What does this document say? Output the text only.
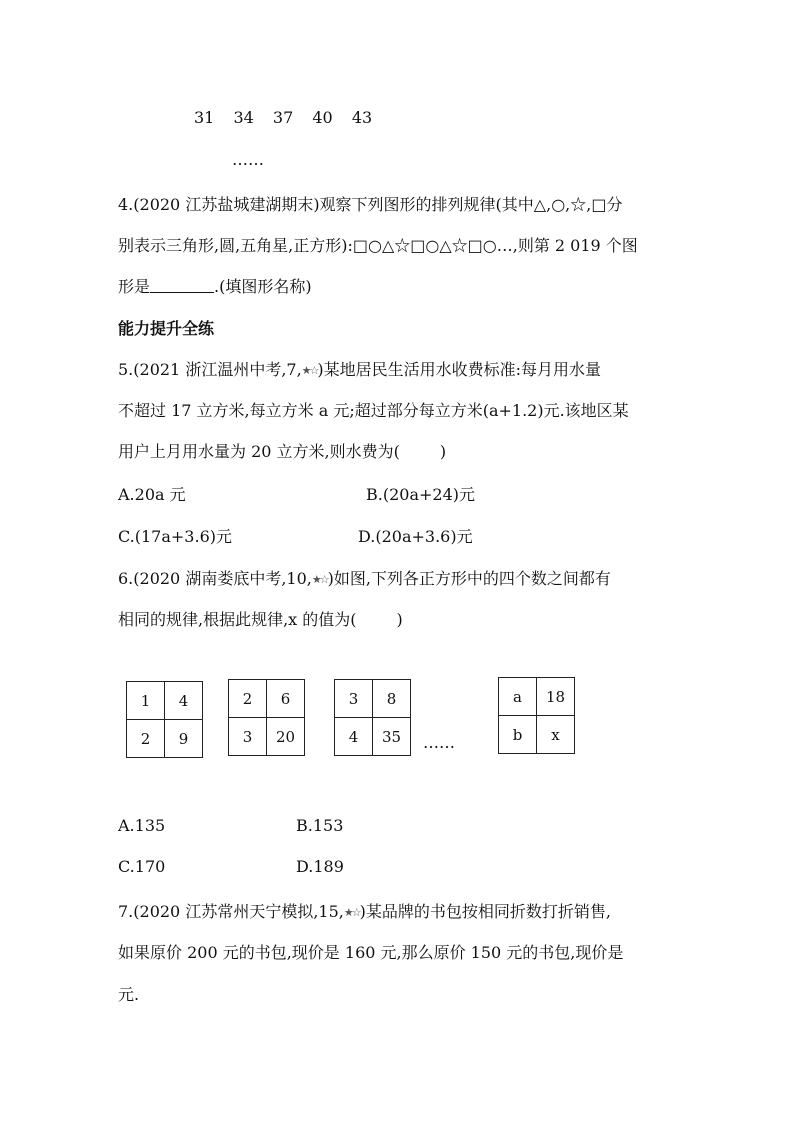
31 34 37 40 43
……
4.(2020 江苏盐城建湖期末)观察下列图形的排列规律(其中△,○,☆,□分
别表示三角形,圆,五角星,正方形):□○△☆□○△☆□○…,则第 2 019 个图
形是	.(填图形名称)
能力提升全练
5.(2021 浙江温州中考,7,★☆)某地居民生活用水收费标准:每月用水量
不超过 17 立方米,每立方米 a 元;超过部分每立方米(a+1.2)元.该地区某
用户上月用水量为 20 立方米,则水费为(	)
A.20a 元	B.(20a+24)元
C.(17a+3.6)元	D.(20a+3.6)元
6.(2020 湖南娄底中考,10,★☆)如图,下列各正方形中的四个数之间都有
相同的规律,根据此规律,x 的值为(	)
1	4
2	9
2	6
3	20
3	8
4	35 ……
a	18
b	x
A.135	B.153
C.170	D.189
7.(2020 江苏常州天宁模拟,15,★☆)某品牌的书包按相同折数打折销售,
如果原价 200 元的书包,现价是 160 元,那么原价 150 元的书包,现价是
元.
